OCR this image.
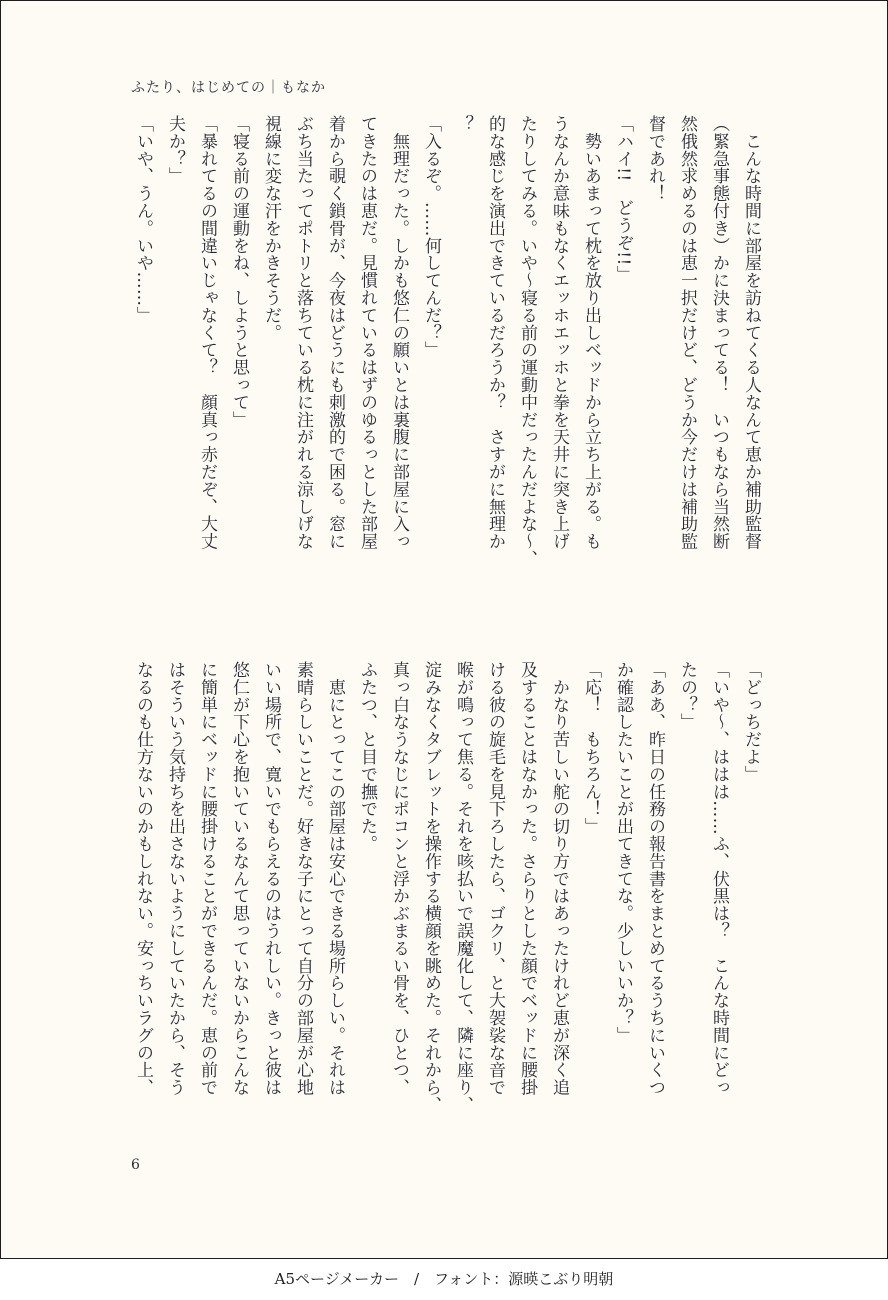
ふたり、はじめての｜もなか

　こんな時間に部屋を訪ねてくる人なんて恵か補助監督

（緊急事態付き）かに決まってる！　いつもなら当然断

然俄然求めるのは恵一択だけど、どうか今だけは補助監

督であれ！

「ハイ!!　どうぞ!!」

　勢いあまって枕を放り出しベッドから立ち上がる。も

うなんか意味もなくエッホエッホと拳を天井に突き上げ

たりしてみる。いや〜寝る前の運動中だったんだよな〜、

的な感じを演出できているだろうか？　さすがに無理か

？

「入るぞ。……何してんだ？」

　無理だった。しかも悠仁の願いとは裏腹に部屋に入っ

てきたのは恵だ。見慣れているはずのゆるっとした部屋

着から覗く鎖骨が、今夜はどうにも刺激的で困る。窓に

ぶち当たってポトリと落ちている枕に注がれる涼しげな

視線に変な汗をかきそうだ。

「寝る前の運動をね、しようと思って」

「暴れてるの間違いじゃなくて？　顔真っ赤だぞ、大丈

夫か？」

「いや、うん。いや……」

「どっちだよ」

「いや〜、ははは……ふ、伏黒は？　こんな時間にどっ

たの？」

「ああ、昨日の任務の報告書をまとめてるうちにいくつ

か確認したいことが出てきてな。少しいいか？」

「応！　もちろん！」

　かなり苦しい舵の切り方ではあったけれど恵が深く追

及することはなかった。さらりとした顔でベッドに腰掛

ける彼の旋毛を見下ろしたら、ゴクリ、と大袈裟な音で

喉が鳴って焦る。それを咳払いで誤魔化して、隣に座り、

淀みなくタブレットを操作する横顔を眺めた。それから、

真っ白なうなじにポコンと浮かぶまるい骨を、ひとつ、

ふたつ、と目で撫でた。

　恵にとってこの部屋は安心できる場所らしい。それは

素晴らしいことだ。好きな子にとって自分の部屋が心地

いい場所で、寛いでもらえるのはうれしい。きっと彼は

悠仁が下心を抱いているなんて思っていないからこんな

に簡単にベッドに腰掛けることができるんだ。恵の前で

はそういう気持ちを出さないようにしていたから、そう

なるのも仕方ないのかもしれない。安っちいラグの上、

6
A5ページメーカー　/　フォント：源暎こぶり明朝
